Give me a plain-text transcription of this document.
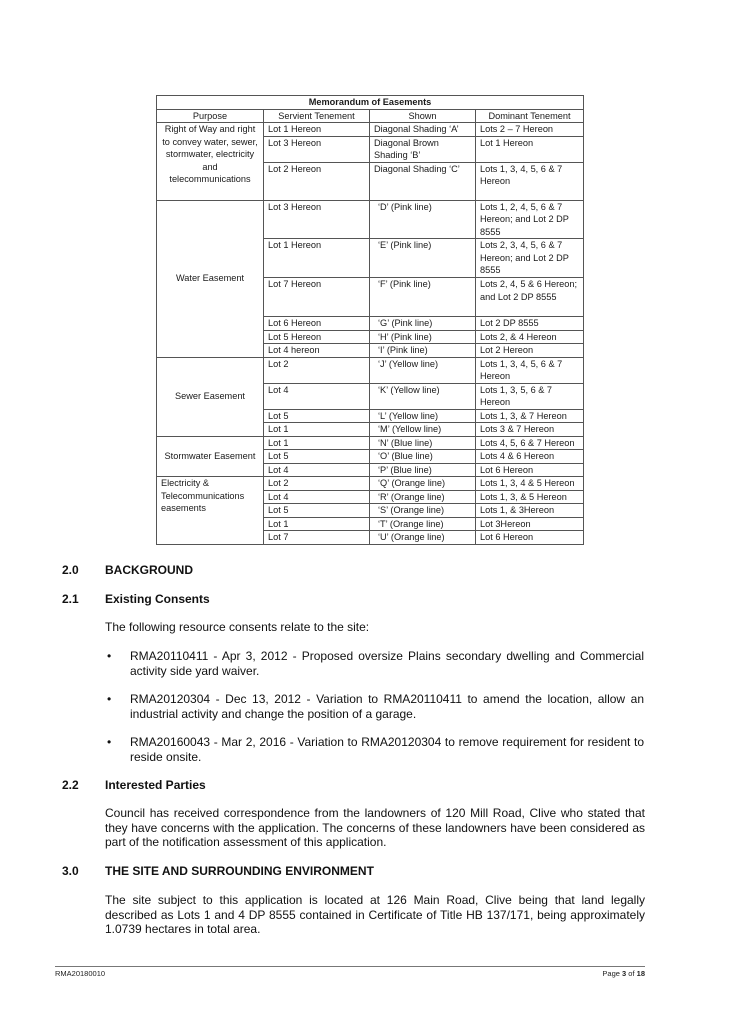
Memorandum of Easements			
Purpose	Servient Tenement	Shown	Dominant Tenement
Right of Way and right to convey water, sewer, stormwater, electricity and telecommunications	Lot 1 Hereon	Diagonal Shading ‘A’	Lots 2 – 7 Hereon
	Lot 3 Hereon	Diagonal Brown Shading ‘B’	Lot 1 Hereon
	Lot 2 Hereon	Diagonal Shading ‘C’	Lots 1, 3, 4, 5, 6 & 7 Hereon
Water Easement	Lot 3 Hereon	‘D’ (Pink line)	Lots 1, 2, 4, 5, 6 & 7 Hereon; and Lot 2 DP 8555
	Lot 1 Hereon	‘E’ (Pink line)	Lots 2, 3, 4, 5, 6 & 7 Hereon; and Lot 2 DP 8555
	Lot 7 Hereon	‘F’ (Pink line)	Lots 2, 4, 5 & 6 Hereon; and Lot 2 DP 8555
	Lot 6 Hereon	‘G’ (Pink line)	Lot 2 DP 8555
	Lot 5 Hereon	‘H’ (Pink line)	Lots 2, & 4 Hereon
	Lot 4 hereon	‘I’ (Pink line)	Lot 2 Hereon
Sewer Easement	Lot 2	‘J’ (Yellow line)	Lots 1, 3, 4, 5, 6 & 7 Hereon
	Lot 4	‘K’ (Yellow line)	Lots 1, 3, 5, 6 & 7 Hereon
	Lot 5	‘L’ (Yellow line)	Lots 1, 3, & 7 Hereon
	Lot 1	‘M’ (Yellow line)	Lots 3 & 7 Hereon
Stormwater Easement	Lot 1	‘N’ (Blue line)	Lots 4, 5, 6 & 7 Hereon
	Lot 5	‘O’ (Blue line)	Lots 4 & 6 Hereon
	Lot 4	‘P’ (Blue line)	Lot 6 Hereon
Electricity & Telecommunications easements	Lot 2	‘Q’ (Orange line)	Lots 1, 3, 4 & 5 Hereon
	Lot 4	‘R’ (Orange line)	Lots 1, 3, & 5 Hereon
	Lot 5	‘S’ (Orange line)	Lots 1, & 3Hereon
	Lot 1	‘T’ (Orange line)	Lot 3Hereon
	Lot 7	‘U’ (Orange line)	Lot 6 Hereon
2.0 BACKGROUND
2.1 Existing Consents
The following resource consents relate to the site:
• RMA20110411 - Apr 3, 2012 - Proposed oversize Plains secondary dwelling and Commercial activity side yard waiver.
• RMA20120304 - Dec 13, 2012 - Variation to RMA20110411 to amend the location, allow an industrial activity and change the position of a garage.
• RMA20160043 - Mar 2, 2016 - Variation to RMA20120304 to remove requirement for resident to reside onsite.
2.2 Interested Parties
Council has received correspondence from the landowners of 120 Mill Road, Clive who stated that they have concerns with the application. The concerns of these landowners have been considered as part of the notification assessment of this application.
3.0 THE SITE AND SURROUNDING ENVIRONMENT
The site subject to this application is located at 126 Main Road, Clive being that land legally described as Lots 1 and 4 DP 8555 contained in Certificate of Title HB 137/171, being approximately 1.0739 hectares in total area.
RMA20180010	Page 3 of 18
